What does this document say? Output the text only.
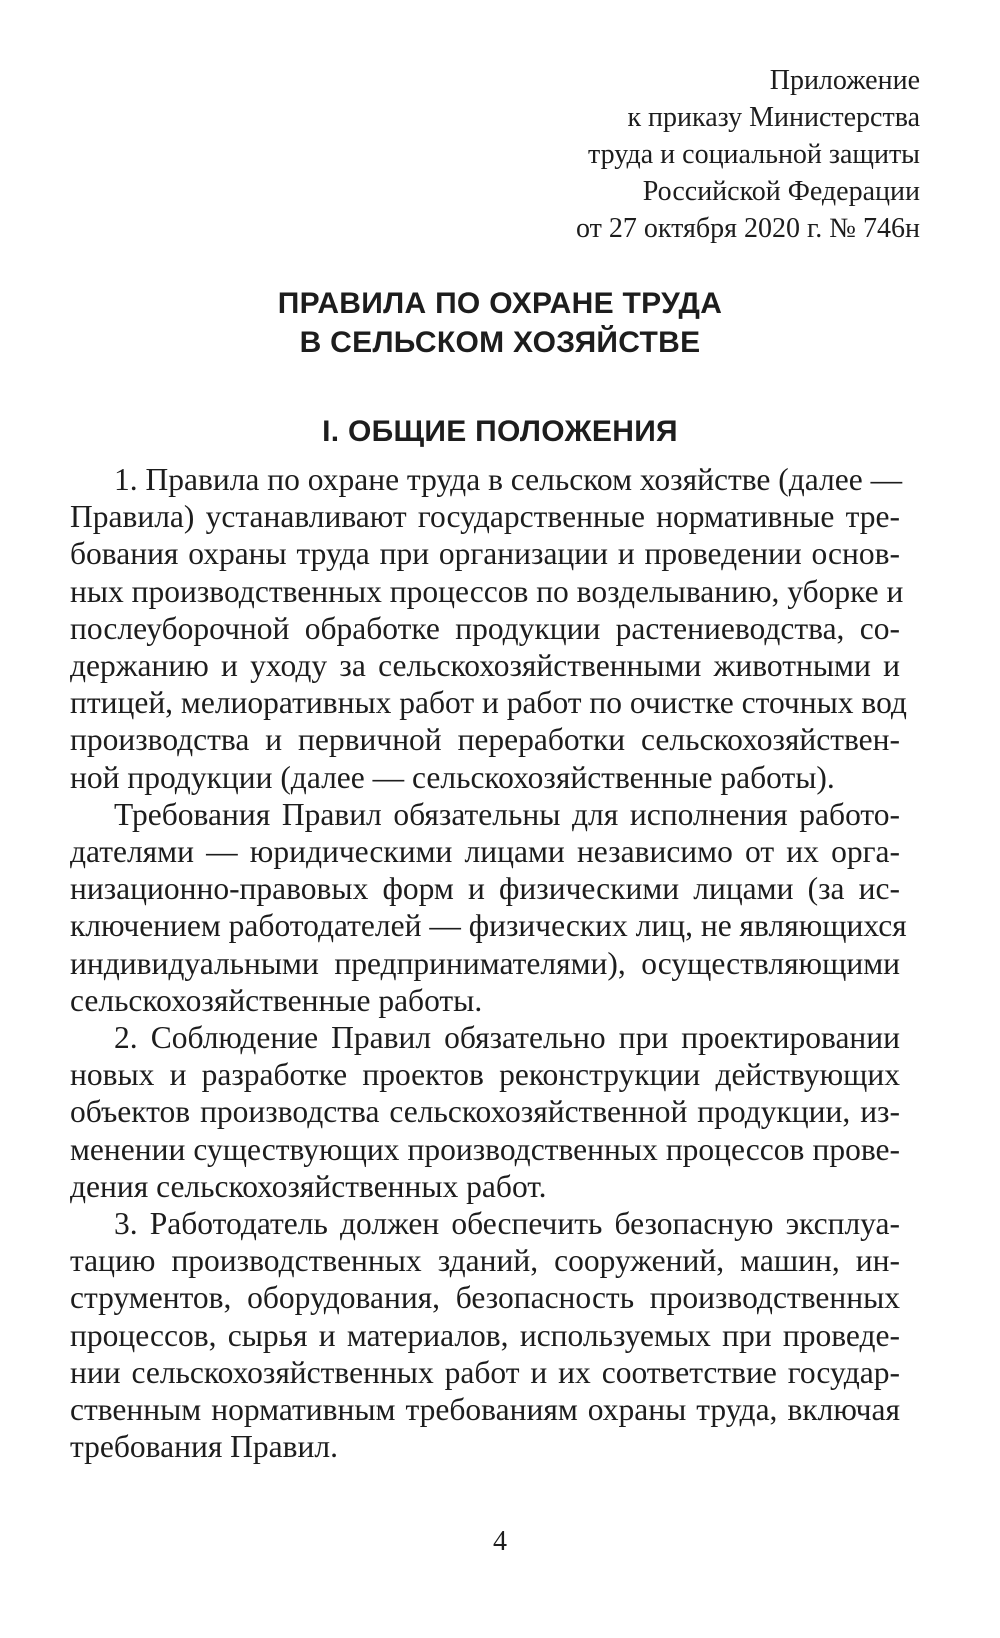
Приложение
к приказу Министерства
труда и социальной защиты
Российской Федерации
от 27 октября 2020 г. № 746н
ПРАВИЛА ПО ОХРАНЕ ТРУДА
В СЕЛЬСКОМ ХОЗЯЙСТВЕ
I. ОБЩИЕ ПОЛОЖЕНИЯ
1. Правила по охране труда в сельском хозяйстве (далее —
Правила) устанавливают государственные нормативные тре-
бования охраны труда при организации и проведении основ-
ных производственных процессов по возделыванию, уборке и
послеуборочной обработке продукции растениеводства, со-
держанию и уходу за сельскохозяйственными животными и
птицей, мелиоративных работ и работ по очистке сточных вод
производства и первичной переработки сельскохозяйствен-
ной продукции (далее — сельскохозяйственные работы).
Требования Правил обязательны для исполнения работо-
дателями — юридическими лицами независимо от их орга-
низационно-правовых форм и физическими лицами (за ис-
ключением работодателей — физических лиц, не являющихся
индивидуальными предпринимателями), осуществляющими
сельскохозяйственные работы.
2. Соблюдение Правил обязательно при проектировании
новых и разработке проектов реконструкции действующих
объектов производства сельскохозяйственной продукции, из-
менении существующих производственных процессов прове-
дения сельскохозяйственных работ.
3. Работодатель должен обеспечить безопасную эксплуа-
тацию производственных зданий, сооружений, машин, ин-
струментов, оборудования, безопасность производственных
процессов, сырья и материалов, используемых при проведе-
нии сельскохозяйственных работ и их соответствие государ-
ственным нормативным требованиям охраны труда, включая
требования Правил.
4
